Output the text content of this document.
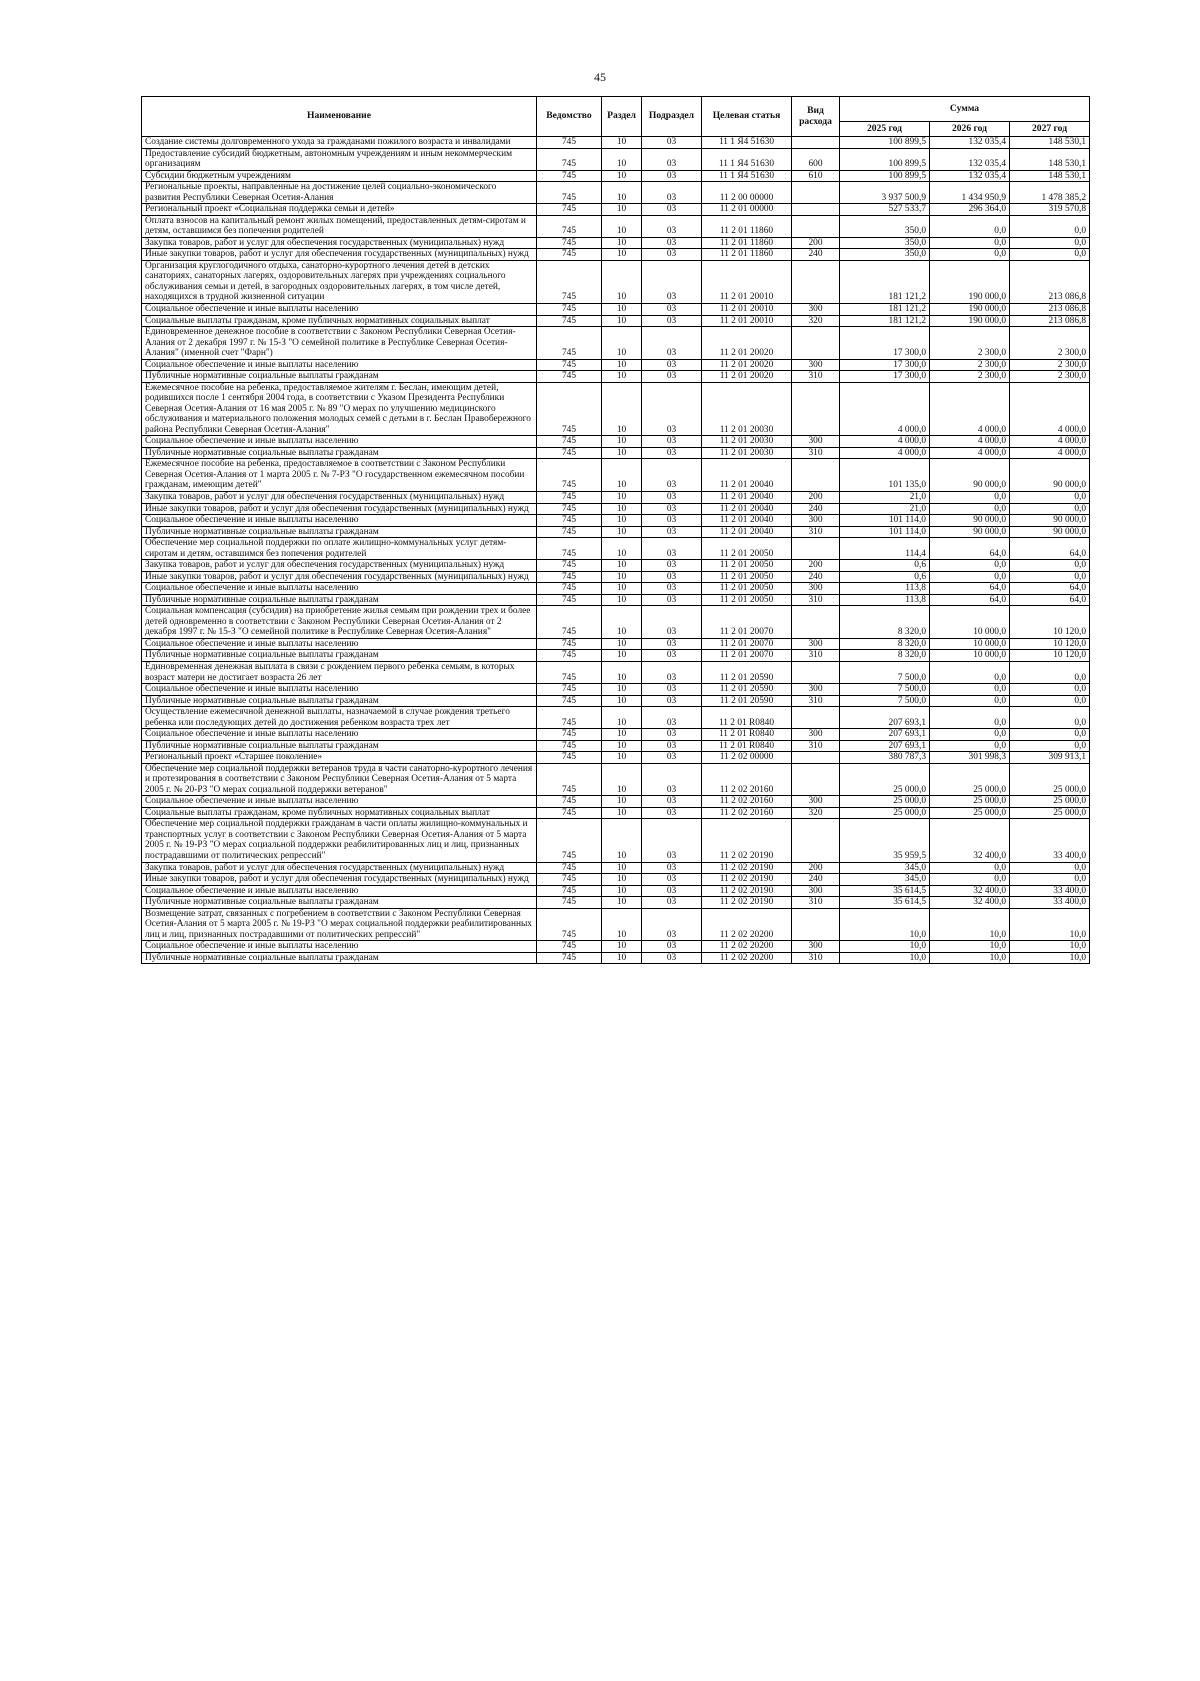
45
Наименование	Ведомство	Раздел	Подраздел	Целевая статья	Вид расхода	Сумма		
						2025 год	2026 год	2027 год
Создание системы долговременного ухода за гражданами пожилого возраста и инвалидами	745	10	03	11 1 Я4 51630		100 899,5	132 035,4	148 530,1
Предоставление субсидий бюджетным, автономным учреждениям и иным некоммерческим организациям	745	10	03	11 1 Я4 51630	600	100 899,5	132 035,4	148 530,1
Субсидии бюджетным учреждениям	745	10	03	11 1 Я4 51630	610	100 899,5	132 035,4	148 530,1
Региональные проекты, направленные на достижение целей социально-экономического развития Республики Северная Осетия-Алания	745	10	03	11 2 00 00000		3 937 500,9	1 434 950,9	1 478 385,2
Региональный проект «Социальная поддержка семьи и детей»	745	10	03	11 2 01 00000		527 533,7	296 364,0	319 570,8
Оплата взносов на капитальный ремонт жилых помещений, предоставленных детям-сиротам и детям, оставшимся без попечения родителей	745	10	03	11 2 01 11860		350,0	0,0	0,0
Закупка товаров, работ и услуг для обеспечения государственных (муниципальных) нужд	745	10	03	11 2 01 11860	200	350,0	0,0	0,0
Иные закупки товаров, работ и услуг для обеспечения государственных (муниципальных) нужд	745	10	03	11 2 01 11860	240	350,0	0,0	0,0
Организация круглогодичного отдыха, санаторно-курортного лечения детей в детских санаториях, санаторных лагерях, оздоровительных лагерях при учреждениях социального обслуживания семьи и детей, в загородных оздоровительных лагерях, в том числе детей, находящихся в трудной жизненной ситуации	745	10	03	11 2 01 20010		181 121,2	190 000,0	213 086,8
Социальное обеспечение и иные выплаты населению	745	10	03	11 2 01 20010	300	181 121,2	190 000,0	213 086,8
Социальные выплаты гражданам, кроме публичных нормативных социальных выплат	745	10	03	11 2 01 20010	320	181 121,2	190 000,0	213 086,8
Единовременное денежное пособие в соответствии с Законом Республики Северная Осетия-Алания от 2 декабря 1997 г. № 15-З "О семейной политике в Республике Северная Осетия-Алания" (именной счет "Фарн")	745	10	03	11 2 01 20020		17 300,0	2 300,0	2 300,0
Социальное обеспечение и иные выплаты населению	745	10	03	11 2 01 20020	300	17 300,0	2 300,0	2 300,0
Публичные нормативные социальные выплаты гражданам	745	10	03	11 2 01 20020	310	17 300,0	2 300,0	2 300,0
Ежемесячное пособие на ребенка, предоставляемое жителям г. Беслан, имеющим детей, родившихся после 1 сентября 2004 года, в соответствии с Указом Президента Республики Северная Осетия-Алания от 16 мая 2005 г. № 89 "О мерах по улучшению медицинского обслуживания и материального положения молодых семей с детьми в г. Беслан Правобережного района Республики Северная Осетия-Алания"	745	10	03	11 2 01 20030		4 000,0	4 000,0	4 000,0
Социальное обеспечение и иные выплаты населению	745	10	03	11 2 01 20030	300	4 000,0	4 000,0	4 000,0
Публичные нормативные социальные выплаты гражданам	745	10	03	11 2 01 20030	310	4 000,0	4 000,0	4 000,0
Ежемесячное пособие на ребенка, предоставляемое в соответствии с Законом Республики Северная Осетия-Алания от 1 марта 2005 г. № 7-РЗ "О государственном ежемесячном пособии гражданам, имеющим детей"	745	10	03	11 2 01 20040		101 135,0	90 000,0	90 000,0
Закупка товаров, работ и услуг для обеспечения государственных (муниципальных) нужд	745	10	03	11 2 01 20040	200	21,0	0,0	0,0
Иные закупки товаров, работ и услуг для обеспечения государственных (муниципальных) нужд	745	10	03	11 2 01 20040	240	21,0	0,0	0,0
Социальное обеспечение и иные выплаты населению	745	10	03	11 2 01 20040	300	101 114,0	90 000,0	90 000,0
Публичные нормативные социальные выплаты гражданам	745	10	03	11 2 01 20040	310	101 114,0	90 000,0	90 000,0
Обеспечение мер социальной поддержки по оплате жилищно-коммунальных услуг детям-сиротам и детям, оставшимся без попечения родителей	745	10	03	11 2 01 20050		114,4	64,0	64,0
Закупка товаров, работ и услуг для обеспечения государственных (муниципальных) нужд	745	10	03	11 2 01 20050	200	0,6	0,0	0,0
Иные закупки товаров, работ и услуг для обеспечения государственных (муниципальных) нужд	745	10	03	11 2 01 20050	240	0,6	0,0	0,0
Социальное обеспечение и иные выплаты населению	745	10	03	11 2 01 20050	300	113,8	64,0	64,0
Публичные нормативные социальные выплаты гражданам	745	10	03	11 2 01 20050	310	113,8	64,0	64,0
Социальная компенсация (субсидия) на приобретение жилья семьям при рождении трех и более детей одновременно в соответствии с Законом Республики Северная Осетия-Алания от 2 декабря 1997 г. № 15-З "О семейной политике в Республике Северная Осетия-Алания"	745	10	03	11 2 01 20070		8 320,0	10 000,0	10 120,0
Социальное обеспечение и иные выплаты населению	745	10	03	11 2 01 20070	300	8 320,0	10 000,0	10 120,0
Публичные нормативные социальные выплаты гражданам	745	10	03	11 2 01 20070	310	8 320,0	10 000,0	10 120,0
Единовременная денежная выплата в связи с рождением первого ребенка семьям, в которых возраст матери не достигает возраста 26 лет	745	10	03	11 2 01 20590		7 500,0	0,0	0,0
Социальное обеспечение и иные выплаты населению	745	10	03	11 2 01 20590	300	7 500,0	0,0	0,0
Публичные нормативные социальные выплаты гражданам	745	10	03	11 2 01 20590	310	7 500,0	0,0	0,0
Осуществление ежемесячной денежной выплаты, назначаемой в случае рождения третьего ребенка или последующих детей до достижения ребенком возраста трех лет	745	10	03	11 2 01 R0840		207 693,1	0,0	0,0
Социальное обеспечение и иные выплаты населению	745	10	03	11 2 01 R0840	300	207 693,1	0,0	0,0
Публичные нормативные социальные выплаты гражданам	745	10	03	11 2 01 R0840	310	207 693,1	0,0	0,0
Региональный проект «Старшее поколение»	745	10	03	11 2 02 00000		380 787,3	301 998,3	309 913,1
Обеспечение мер социальной поддержки ветеранов труда в части санаторно-курортного лечения и протезирования в соответствии с Законом Республики Северная Осетия-Алания от 5 марта 2005 г. № 20-РЗ "О мерах социальной поддержки ветеранов"	745	10	03	11 2 02 20160		25 000,0	25 000,0	25 000,0
Социальное обеспечение и иные выплаты населению	745	10	03	11 2 02 20160	300	25 000,0	25 000,0	25 000,0
Социальные выплаты гражданам, кроме публичных нормативных социальных выплат	745	10	03	11 2 02 20160	320	25 000,0	25 000,0	25 000,0
Обеспечение мер социальной поддержки гражданам в части оплаты жилищно-коммунальных и транспортных услуг в соответствии с Законом Республики Северная Осетия-Алания от 5 марта 2005 г. № 19-РЗ "О мерах социальной поддержки реабилитированных лиц и лиц, признанных пострадавшими от политических репрессий"	745	10	03	11 2 02 20190		35 959,5	32 400,0	33 400,0
Закупка товаров, работ и услуг для обеспечения государственных (муниципальных) нужд	745	10	03	11 2 02 20190	200	345,0	0,0	0,0
Иные закупки товаров, работ и услуг для обеспечения государственных (муниципальных) нужд	745	10	03	11 2 02 20190	240	345,0	0,0	0,0
Социальное обеспечение и иные выплаты населению	745	10	03	11 2 02 20190	300	35 614,5	32 400,0	33 400,0
Публичные нормативные социальные выплаты гражданам	745	10	03	11 2 02 20190	310	35 614,5	32 400,0	33 400,0
Возмещение затрат, связанных с погребением в соответствии с Законом Республики Северная Осетия-Алания от 5 марта 2005 г. № 19-РЗ "О мерах социальной поддержки реабилитированных лиц и лиц, признанных пострадавшими от политических репрессий"	745	10	03	11 2 02 20200		10,0	10,0	10,0
Социальное обеспечение и иные выплаты населению	745	10	03	11 2 02 20200	300	10,0	10,0	10,0
Публичные нормативные социальные выплаты гражданам	745	10	03	11 2 02 20200	310	10,0	10,0	10,0
